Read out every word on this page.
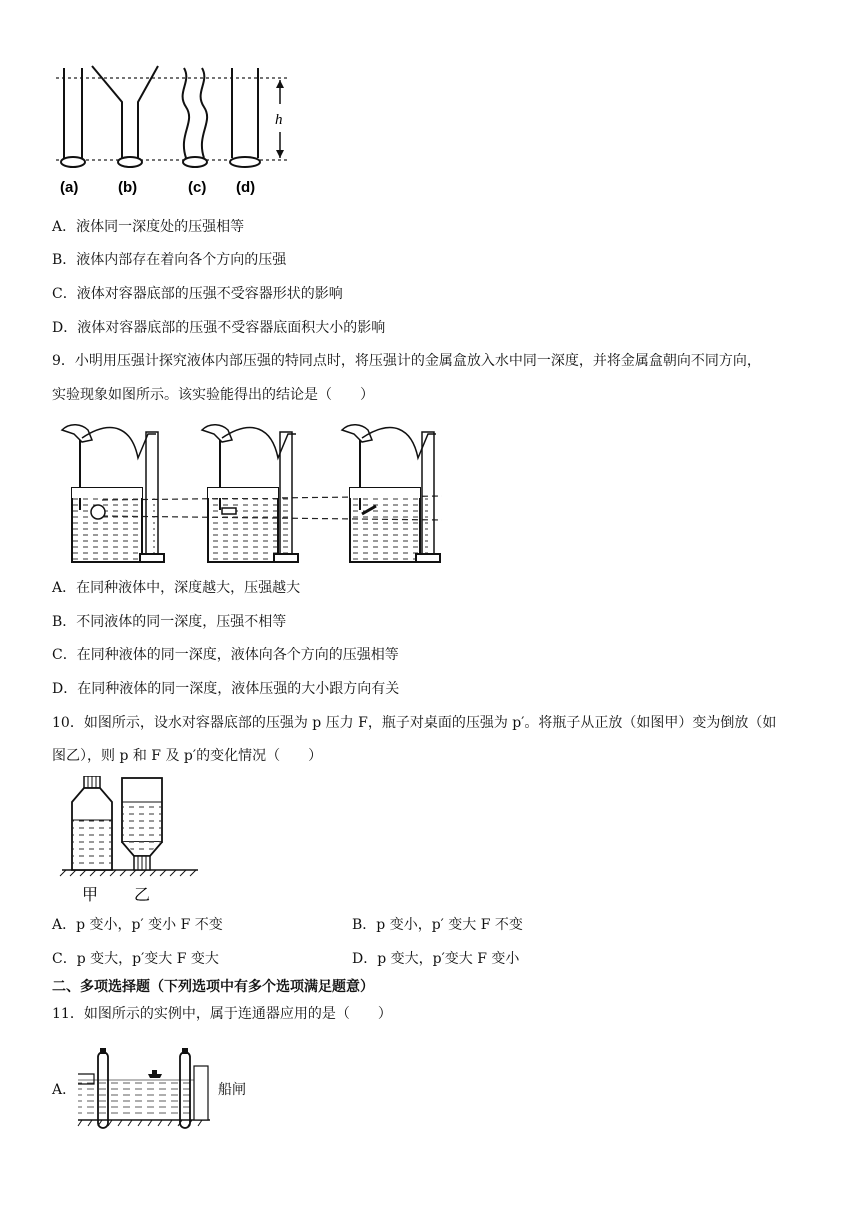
h
(a)	(b)	(c) (d)
A．液体同一深度处的压强相等
B．液体内部存在着向各个方向的压强
C．液体对容器底部的压强不受容器形状的影响
D．液体对容器底部的压强不受容器底面积大小的影响
9．小明用压强计探究液体内部压强的特同点时，将压强计的金属盒放入水中同一深度，并将金属盒朝向不同方向，
实验现象如图所示。该实验能得出的结论是（　　）
A．在同种液体中，深度越大，压强越大
B．不同液体的同一深度，压强不相等
C．在同种液体的同一深度，液体向各个方向的压强相等
D．在同种液体的同一深度，液体压强的大小跟方向有关
10．如图所示，设水对容器底部的压强为 p 压力 F，瓶子对桌面的压强为 p′。将瓶子从正放（如图甲）变为倒放（如
图乙），则 p 和 F 及 p′的变化情况（　　）
甲 乙
A．p 变小，p′ 变小 F 不变	B．p 变小，p′ 变大 F 不变
C．p 变大，p′变大 F 变大	D．p 变大，p′变大 F 变小
二、多项选择题（下列选项中有多个选项满足题意）
11．如图所示的实例中，属于连通器应用的是（　　）
A．	船闸
